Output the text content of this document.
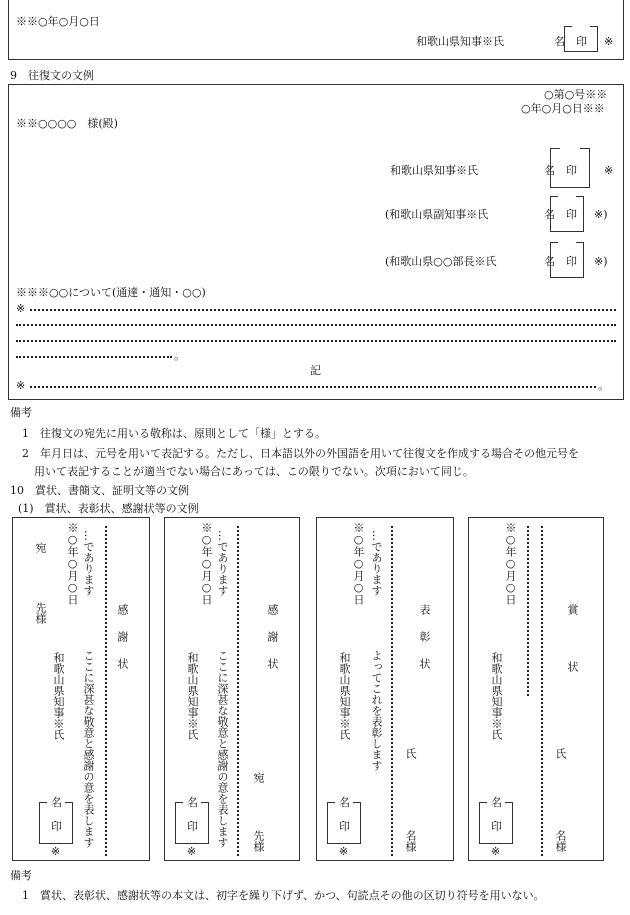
※※○年○月○日
和歌山県知事※氏	名　印 ※
9　往復文の文例
○第○号※※
○年○月○日※※
※※○○○○　様(殿)
和歌山県知事※氏	名　印 ※
(和歌山県副知事※氏	名　印 ※)
(和歌山県○○部長※氏	名　印 ※)
※※※○○について(通達・通知・○○)
※
。
記
※	。
備考
1　往復文の宛先に用いる敬称は、原則として「様」とする。
2　年月日は、元号を用いて表記する。ただし、日本語以外の外国語を用いて往復文を作成する場合その他元号を
用いて表記することが適当でない場合にあっては、この限りでない。次項において同じ。
10　賞状、書簡文、証明文等の文例
(1)　賞状、表彰状、感謝状等の文例
感謝状
…であります
ここに深甚な敬意と感謝の意を表します
※○年○月○日
和歌山県知事※氏
宛
先様
名
印
※
感謝状
…であります
ここに深甚な敬意と感謝の意を表します
※○年○月○日
和歌山県知事※氏
宛
先様
名
印
※
表彰状
…であります
よってこれを表彰します
※○年○月○日
和歌山県知事※氏
氏
名様
名
印
※
賞状
※○年○月○日
和歌山県知事※氏
氏
名様
名
印
※
備考
1　賞状、表彰状、感謝状等の本文は、初字を繰り下げず、かつ、句読点その他の区切り符号を用いない。
